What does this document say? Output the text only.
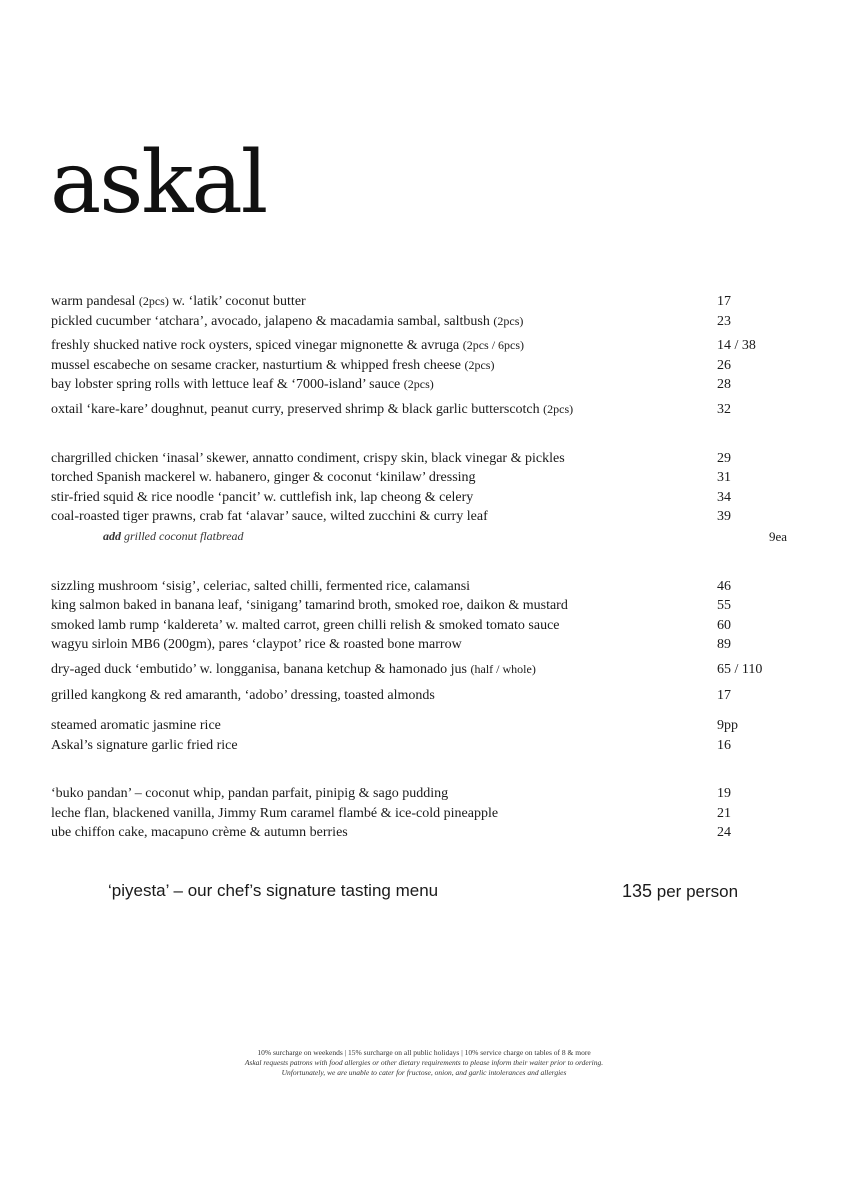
askal
warm pandesal (2pcs) w. ‘latik’ coconut butter	17
pickled cucumber ‘atchara’, avocado, jalapeno & macadamia sambal, saltbush (2pcs)	23
freshly shucked native rock oysters, spiced vinegar mignonette & avruga (2pcs / 6pcs)	14 / 38
mussel escabeche on sesame cracker, nasturtium & whipped fresh cheese (2pcs)	26
bay lobster spring rolls with lettuce leaf & ‘7000-island’ sauce (2pcs)	28
oxtail ‘kare-kare’ doughnut, peanut curry, preserved shrimp & black garlic butterscotch (2pcs)	32
chargrilled chicken ‘inasal’ skewer, annatto condiment, crispy skin, black vinegar & pickles	29
torched Spanish mackerel w. habanero, ginger & coconut ‘kinilaw’ dressing	31
stir-fried squid & rice noodle ‘pancit’ w. cuttlefish ink, lap cheong & celery	34
coal-roasted tiger prawns, crab fat ‘alavar’ sauce, wilted zucchini & curry leaf	39
add grilled coconut flatbread	9ea
sizzling mushroom ‘sisig’, celeriac, salted chilli, fermented rice, calamansi	46
king salmon baked in banana leaf, ‘sinigang’ tamarind broth, smoked roe, daikon & mustard	55
smoked lamb rump ‘kaldereta’ w. malted carrot, green chilli relish & smoked tomato sauce	60
wagyu sirloin MB6 (200gm), pares ‘claypot’ rice & roasted bone marrow	89
dry-aged duck ‘embutido’ w. longganisa, banana ketchup & hamonado jus (half / whole)	65 / 110
grilled kangkong & red amaranth, ‘adobo’ dressing, toasted almonds	17
steamed aromatic jasmine rice	9pp
Askal’s signature garlic fried rice	16
‘buko pandan’ – coconut whip, pandan parfait, pinipig & sago pudding	19
leche flan, blackened vanilla, Jimmy Rum caramel flambé & ice-cold pineapple	21
ube chiffon cake, macapuno crème & autumn berries	24
‘piyesta’ – our chef’s signature tasting menu	135 per person
10% surcharge on weekends | 15% surcharge on all public holidays | 10% service charge on tables of 8 & more
Askal requests patrons with food allergies or other dietary requirements to please inform their waiter prior to ordering.
Unfortunately, we are unable to cater for fructose, onion, and garlic intolerances and allergies
